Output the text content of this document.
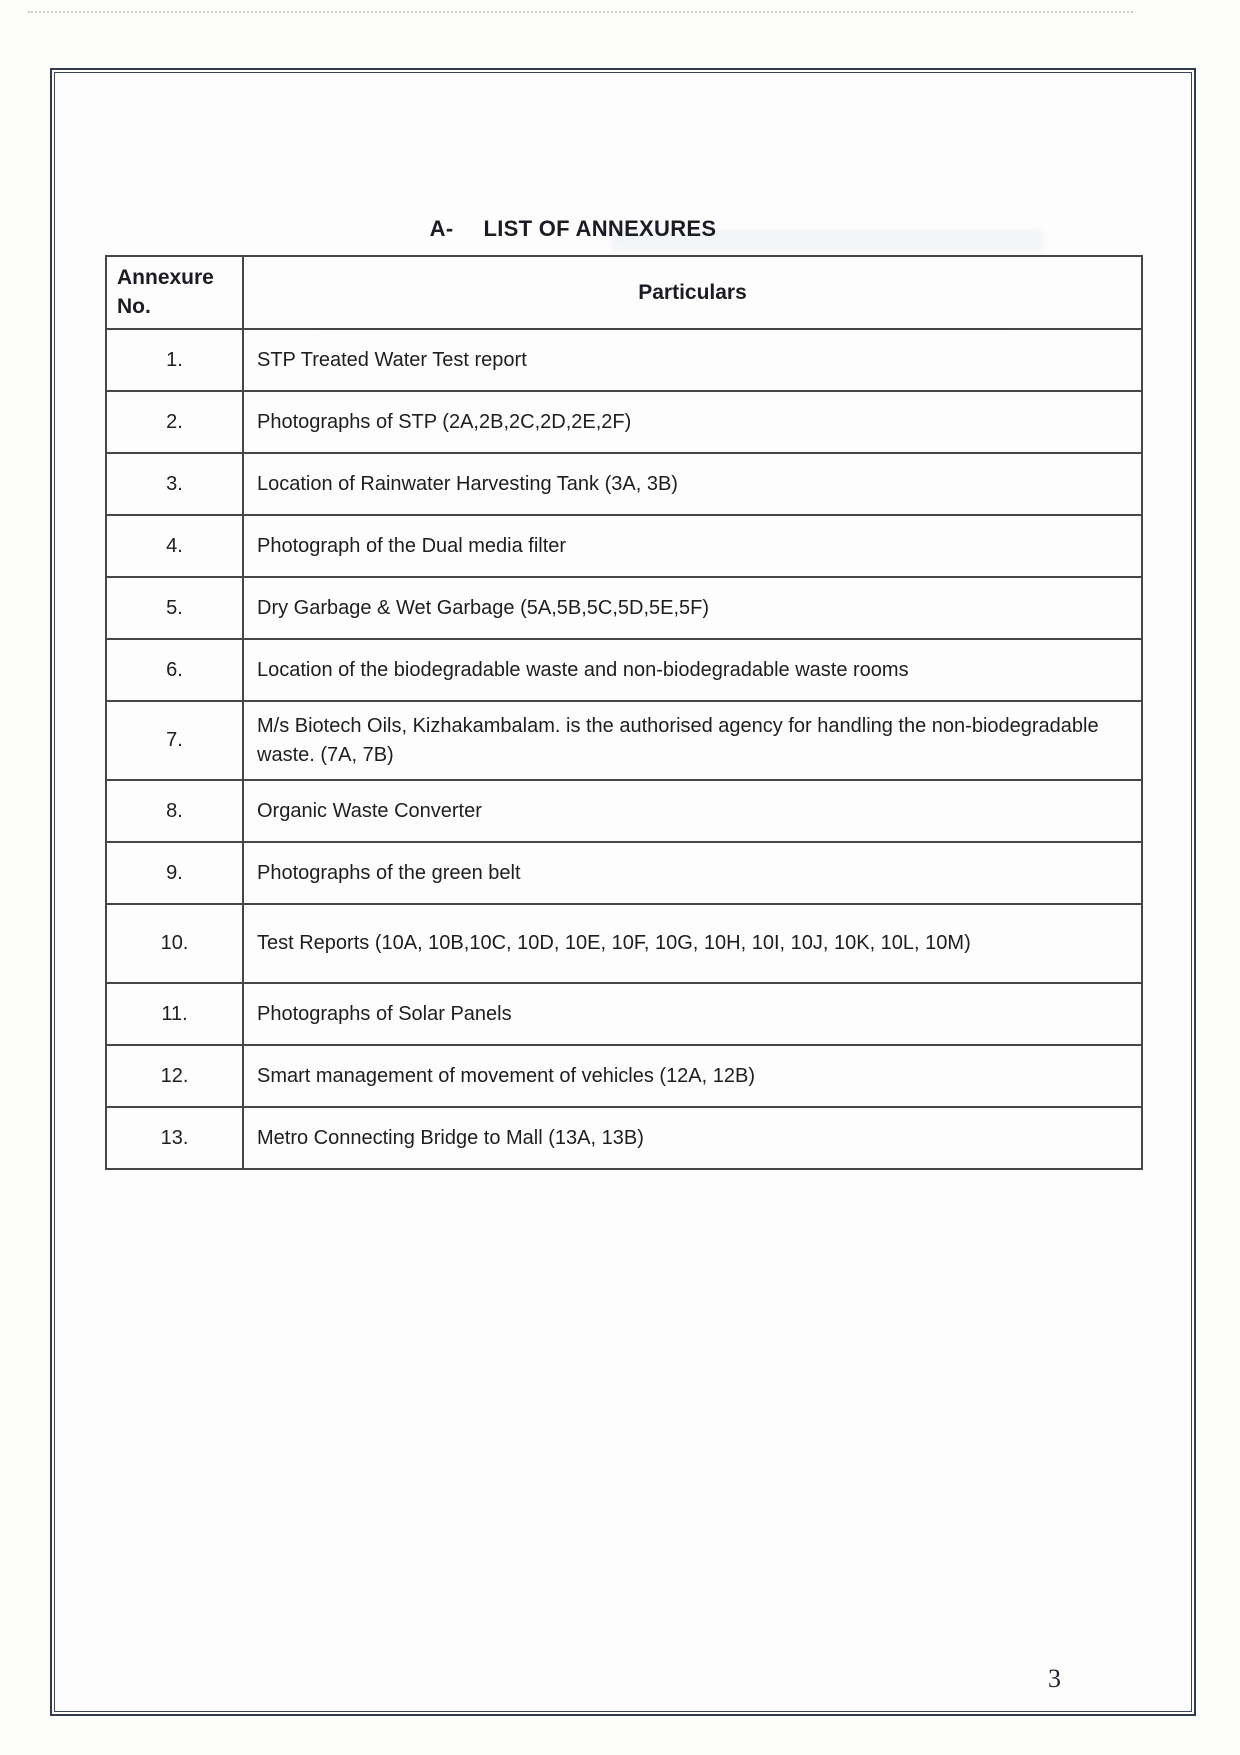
A- LIST OF ANNEXURES
Annexure No.	Particulars
1.	STP Treated Water Test report
2.	Photographs of STP (2A,2B,2C,2D,2E,2F)
3.	Location of Rainwater Harvesting Tank (3A, 3B)
4.	Photograph of the Dual media filter
5.	Dry Garbage & Wet Garbage (5A,5B,5C,5D,5E,5F)
6.	Location of the biodegradable waste and non-biodegradable waste rooms
7.	M/s Biotech Oils, Kizhakambalam. is the authorised agency for handling the non-biodegradable waste. (7A, 7B)
8.	Organic Waste Converter
9.	Photographs of the green belt
10.	Test Reports (10A, 10B,10C, 10D, 10E, 10F, 10G, 10H, 10I, 10J, 10K, 10L, 10M)
11.	Photographs of Solar Panels
12.	Smart management of movement of vehicles (12A, 12B)
13.	Metro Connecting Bridge to Mall (13A, 13B)
3
